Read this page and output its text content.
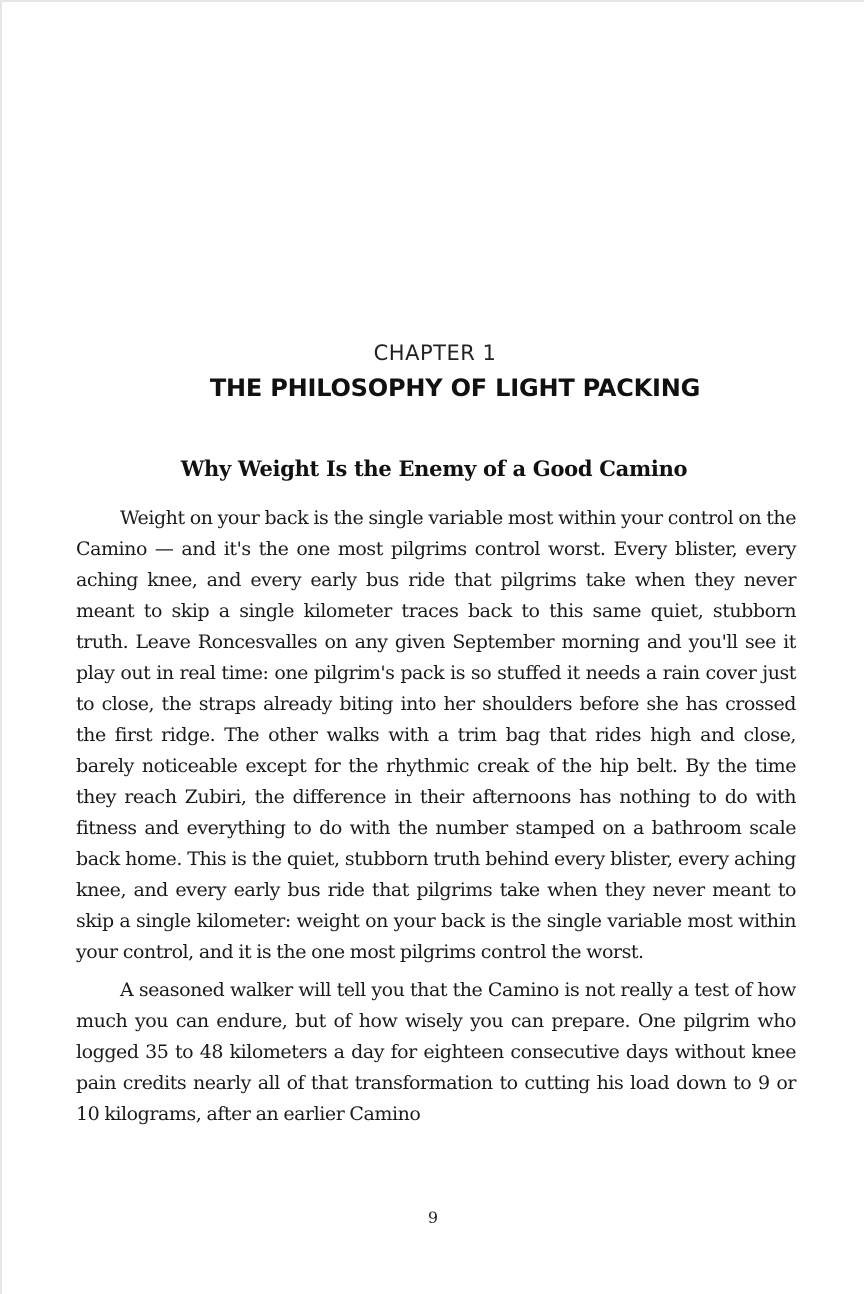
CHAPTER 1
THE PHILOSOPHY OF LIGHT PACKING
Why Weight Is the Enemy of a Good Camino

Weight on your back is the single variable most within your control on the Camino — and it's the one most pilgrims control worst. Every blister, every aching knee, and every early bus ride that pilgrims take when they never meant to skip a single kilometer traces back to this same quiet, stubborn truth. Leave Roncesvalles on any given September morning and you'll see it play out in real time: one pilgrim's pack is so stuffed it needs a rain cover just to close, the straps already biting into her shoulders before she has crossed the first ridge. The other walks with a trim bag that rides high and close, barely noticeable except for the rhythmic creak of the hip belt. By the time they reach Zubiri, the difference in their afternoons has nothing to do with fitness and everything to do with the number stamped on a bathroom scale back home. This is the quiet, stubborn truth behind every blister, every aching knee, and every early bus ride that pilgrims take when they never meant to skip a single kilometer: weight on your back is the single variable most within your control, and it is the one most pilgrims control the worst.

A seasoned walker will tell you that the Camino is not really a test of how much you can endure, but of how wisely you can prepare. One pilgrim who logged 35 to 48 kilometers a day for eighteen consecutive days without knee pain credits nearly all of that transformation to cutting his load down to 9 or 10 kilograms, after an earlier Camino

9
